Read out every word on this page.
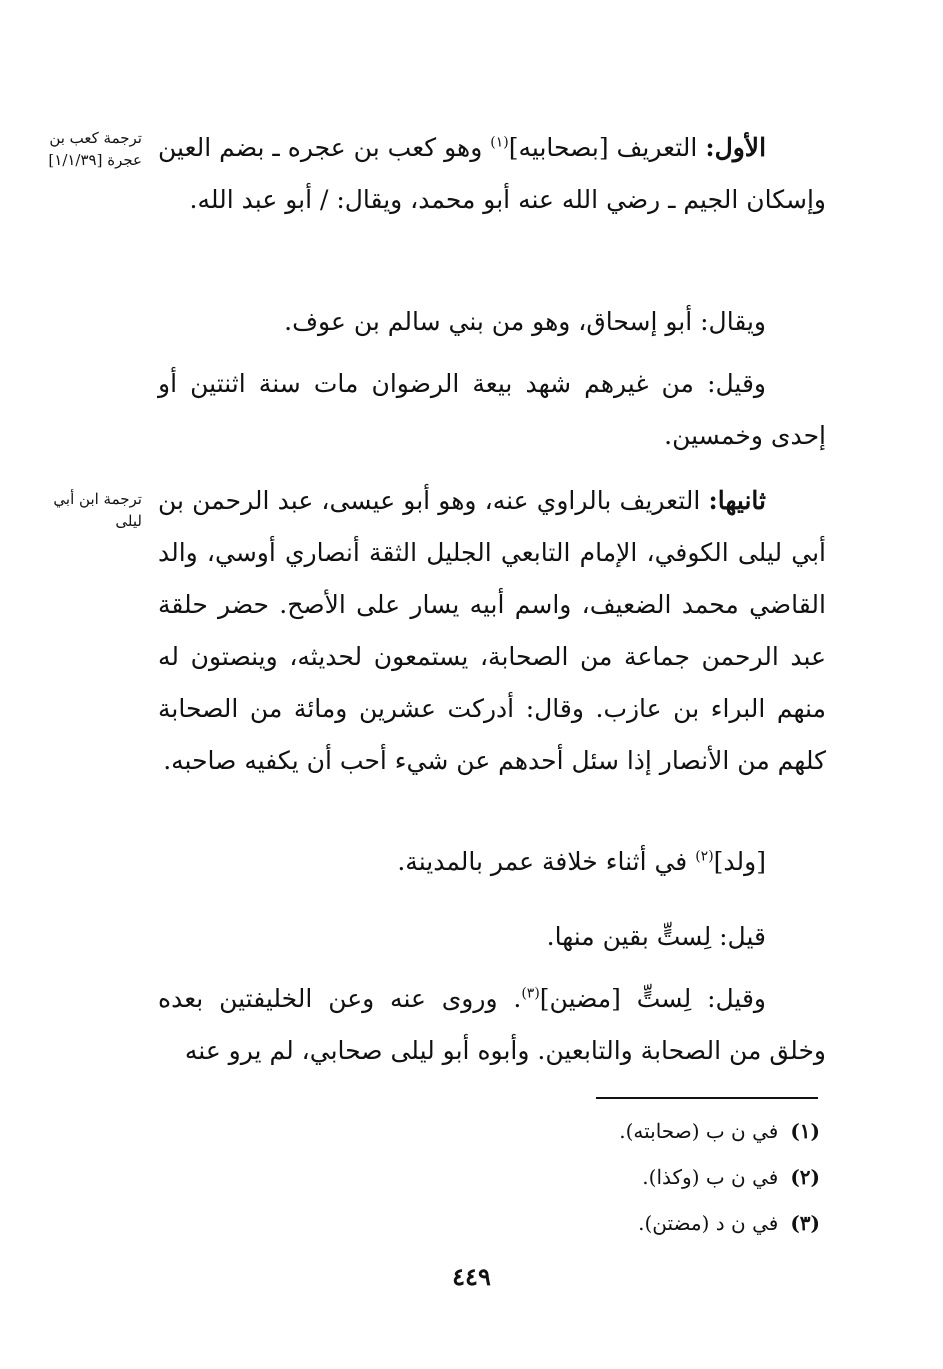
ترجمة كعب بن عجرة [١/١/٣٩]
ترجمة ابن أبي ليلى

الأول: التعريف [بصحابيه]$^{(١)}$ وهو كعب بن عجره ـ بضم العين وإسكان الجيم ـ رضي الله عنه أبو محمد، ويقال: / أبو عبد الله.

ويقال: أبو إسحاق، وهو من بني سالم بن عوف.

وقيل: من غيرهم شهد بيعة الرضوان مات سنة اثنتين أو إحدى وخمسين.

ثانيها: التعريف بالراوي عنه، وهو أبو عيسى، عبد الرحمن بن أبي ليلى الكوفي، الإمام التابعي الجليل الثقة أنصاري أوسي، والد القاضي محمد الضعيف، واسم أبيه يسار على الأصح. حضر حلقة عبد الرحمن جماعة من الصحابة، يستمعون لحديثه، وينصتون له منهم البراء بن عازب. وقال: أدركت عشرين ومائة من الصحابة كلهم من الأنصار إذا سئل أحدهم عن شيء أحب أن يكفيه صاحبه.

[ولد]$^{(٢)}$ في أثناء خلافة عمر بالمدينة.

قيل: لِستٍّ بقين منها.

وقيل: لِستٍّ [مضين]$^{(٣)}$. وروى عنه وعن الخليفتين بعده وخلق من الصحابة والتابعين. وأبوه أبو ليلى صحابي، لم يرو عنه

(١)في ن ب (صحابته).

(٢)في ن ب (وكذا).

(٣)في ن د (مضتن).

٤٤٩
